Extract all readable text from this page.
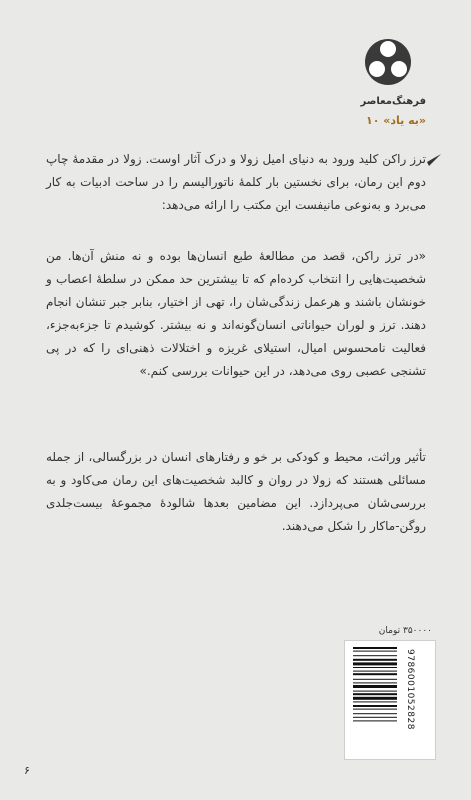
فرهنگ‌معاصر
«به یاد» ۱۰
ترز راکن کلید ورود به دنیای امیل زولا و درک آثار اوست. زولا در مقدمهٔ چاپ دوم این رمان، برای نخستین بار کلمهٔ ناتورالیسم را در ساحت ادبیات به کار می‌برد و به‌نوعی مانیفست این مکتب را ارائه می‌دهد:
«در ترز راکن، قصد من مطالعهٔ طبع انسان‌ها بوده و نه منش آن‌ها. من شخصیت‌هایی را انتخاب کرده‌ام که تا بیشترین حد ممکن در سلطهٔ اعصاب و خونشان باشند و هرعمل زندگی‌شان را، تهی از اختیار، بنابر جبر تنشان انجام دهند. ترز و لوران حیواناتی انسان‌گونه‌اند و نه بیشتر. کوشیدم تا جزءبه‌جزء، فعالیت نامحسوس امیال، استیلای غریزه و اختلالات ذهنی‌ای را که در پی تشنجی عصبی روی می‌دهد، در این حیوانات بررسی کنم.»
تأثیر وراثت، محیط و کودکی بر خو و رفتارهای انسان در بزرگسالی، از جمله مسائلی هستند که زولا در روان و کالبد شخصیت‌های این رمان می‌کاود و به بررسی‌شان می‌پردازد. این مضامین بعدها شالودهٔ مجموعهٔ بیست‌جلدی روگن-ماکار را شکل می‌دهند.
۳۵۰۰۰۰ تومان
9786001052828
۶
